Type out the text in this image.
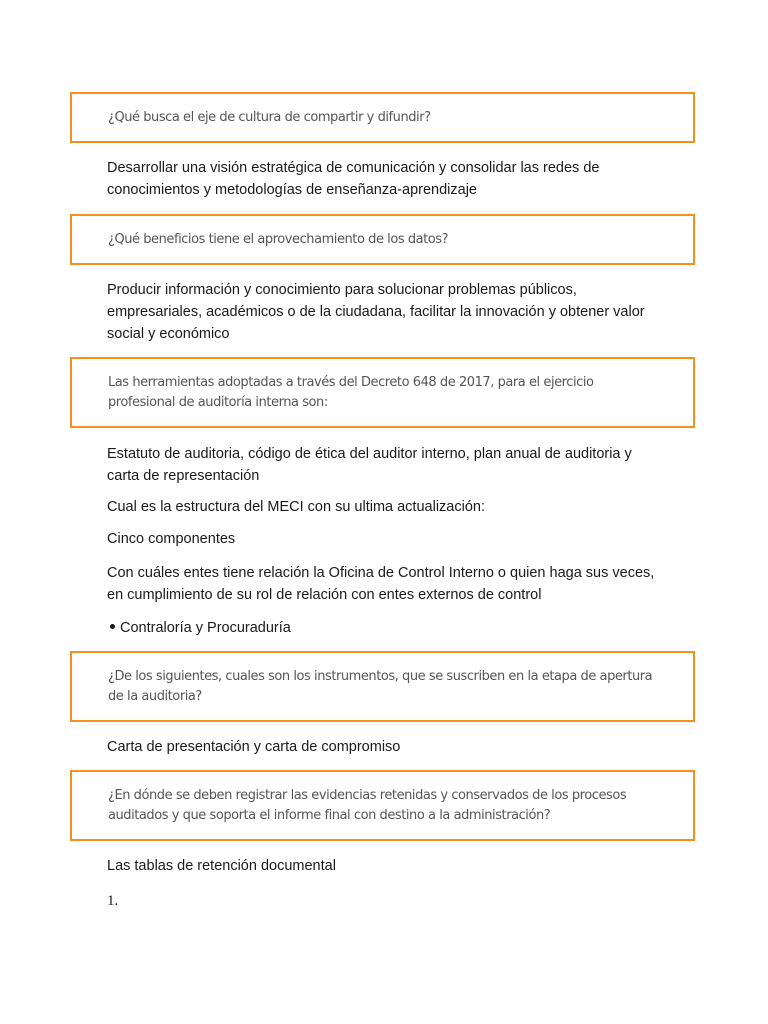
¿Qué busca el eje de cultura de compartir y difundir?
Desarrollar una visión estratégica de comunicación y consolidar las redes de conocimientos y metodologías de enseñanza-aprendizaje
¿Qué beneficios tiene el aprovechamiento de los datos?
Producir información y conocimiento para solucionar problemas públicos, empresariales, académicos o de la ciudadana, facilitar la innovación y obtener valor social y económico
Las herramientas adoptadas a través del Decreto 648 de 2017, para el ejercicio profesional de auditoría interna son:
Estatuto de auditoria, código de ética del auditor interno, plan anual de auditoria y carta de representación
Cual es la estructura del MECI con su ultima actualización:
Cinco componentes
Con cuáles entes tiene relación la Oficina de Control Interno o quien haga sus veces, en cumplimiento de su rol de relación con entes externos de control
Contraloría y Procuraduría
¿De los siguientes, cuales son los instrumentos, que se suscriben en la etapa de apertura de la auditoria?
Carta de presentación y carta de compromiso
¿En dónde se deben registrar las evidencias retenidas y conservados de los procesos auditados y que soporta el informe final con destino a la administración?
Las tablas de retención documental
1.
